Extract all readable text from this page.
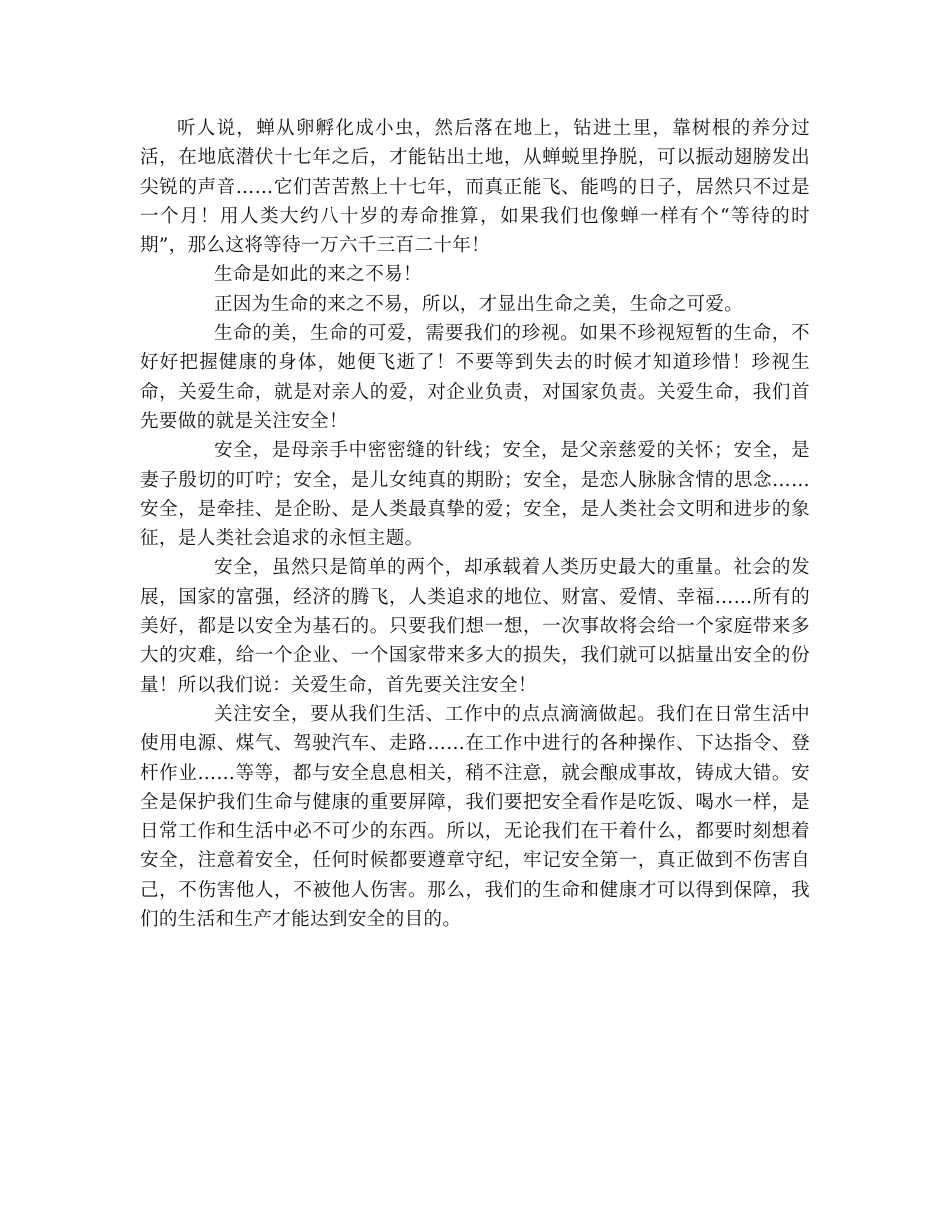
听人说，蝉从卵孵化成小虫，然后落在地上，钻进土里，靠树根的养分过活，在地底潜伏十七年之后，才能钻出土地，从蝉蜕里挣脱，可以振动翅膀发出尖锐的声音……它们苦苦熬上十七年，而真正能飞、能鸣的日子，居然只不过是一个月！用人类大约八十岁的寿命推算，如果我们也像蝉一样有个“等待的时期”，那么这将等待一万六千三百二十年！

生命是如此的来之不易！

正因为生命的来之不易，所以，才显出生命之美，生命之可爱。

生命的美，生命的可爱，需要我们的珍视。如果不珍视短暂的生命，不好好把握健康的身体，她便飞逝了！不要等到失去的时候才知道珍惜！珍视生命，关爱生命，就是对亲人的爱，对企业负责，对国家负责。关爱生命，我们首先要做的就是关注安全！

安全，是母亲手中密密缝的针线；安全，是父亲慈爱的关怀；安全，是妻子殷切的叮咛；安全，是儿女纯真的期盼；安全，是恋人脉脉含情的思念……安全，是牵挂、是企盼、是人类最真挚的爱；安全，是人类社会文明和进步的象征，是人类社会追求的永恒主题。

安全，虽然只是简单的两个，却承载着人类历史最大的重量。社会的发展，国家的富强，经济的腾飞，人类追求的地位、财富、爱情、幸福……所有的美好，都是以安全为基石的。只要我们想一想，一次事故将会给一个家庭带来多大的灾难，给一个企业、一个国家带来多大的损失，我们就可以掂量出安全的份量！所以我们说：关爱生命，首先要关注安全！

关注安全，要从我们生活、工作中的点点滴滴做起。我们在日常生活中使用电源、煤气、驾驶汽车、走路……在工作中进行的各种操作、下达指令、登杆作业……等等，都与安全息息相关，稍不注意，就会酿成事故，铸成大错。安全是保护我们生命与健康的重要屏障，我们要把安全看作是吃饭、喝水一样，是日常工作和生活中必不可少的东西。所以，无论我们在干着什么，都要时刻想着安全，注意着安全，任何时候都要遵章守纪，牢记安全第一，真正做到不伤害自己，不伤害他人，不被他人伤害。那么，我们的生命和健康才可以得到保障，我们的生活和生产才能达到安全的目的。
